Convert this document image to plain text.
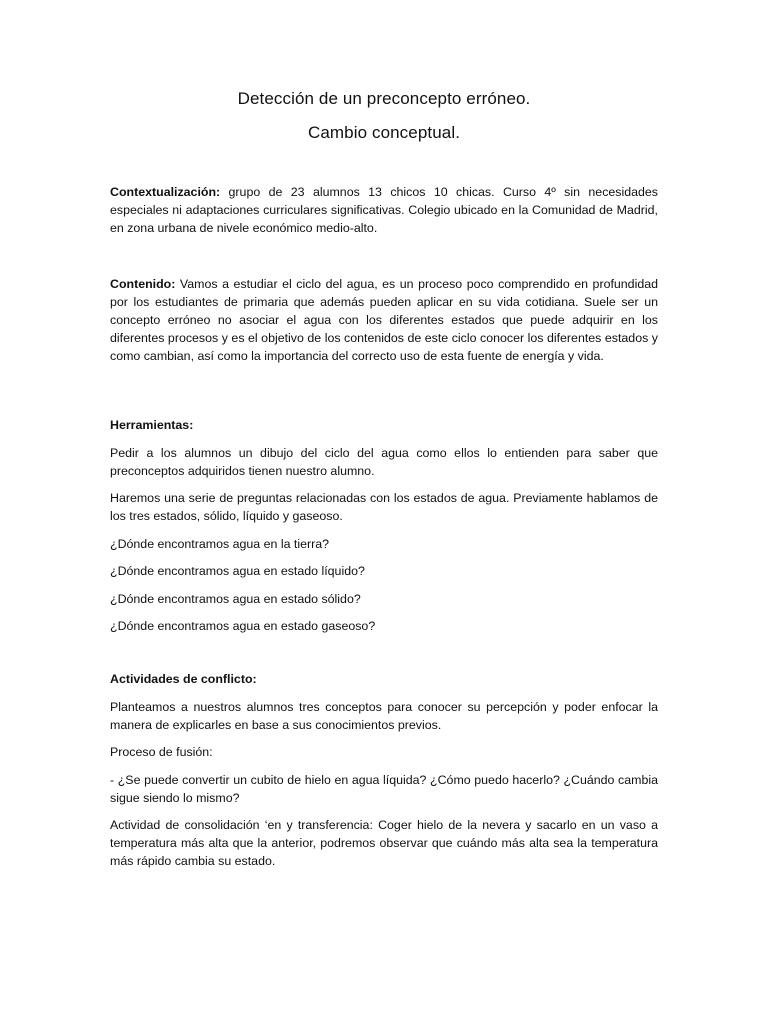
Detección de un preconcepto erróneo.
Cambio conceptual.

Contextualización: grupo de 23 alumnos 13 chicos 10 chicas. Curso 4º sin necesidades especiales ni adaptaciones curriculares significativas. Colegio ubicado en la Comunidad de Madrid, en zona urbana de nivele económico medio-alto.

Contenido: Vamos a estudiar el ciclo del agua, es un proceso poco comprendido en profundidad por los estudiantes de primaria que además pueden aplicar en su vida cotidiana. Suele ser un concepto erróneo no asociar el agua con los diferentes estados que puede adquirir en los diferentes procesos y es el objetivo de los contenidos de este ciclo conocer los diferentes estados y como cambian, así como la importancia del correcto uso de esta fuente de energía y vida.

Herramientas:

Pedir a los alumnos un dibujo del ciclo del agua como ellos lo entienden para saber que preconceptos adquiridos tienen nuestro alumno.

Haremos una serie de preguntas relacionadas con los estados de agua. Previamente hablamos de los tres estados, sólido, líquido y gaseoso.

¿Dónde encontramos agua en la tierra?

¿Dónde encontramos agua en estado líquido?

¿Dónde encontramos agua en estado sólido?

¿Dónde encontramos agua en estado gaseoso?

Actividades de conflicto:

Planteamos a nuestros alumnos tres conceptos para conocer su percepción y poder enfocar la manera de explicarles en base a sus conocimientos previos.

Proceso de fusión:

- ¿Se puede convertir un cubito de hielo en agua líquida? ¿Cómo puedo hacerlo? ¿Cuándo cambia sigue siendo lo mismo?

Actividad de consolidación ‘en y transferencia: Coger hielo de la nevera y sacarlo en un vaso a temperatura más alta que la anterior, podremos observar que cuándo más alta sea la temperatura más rápido cambia su estado.
